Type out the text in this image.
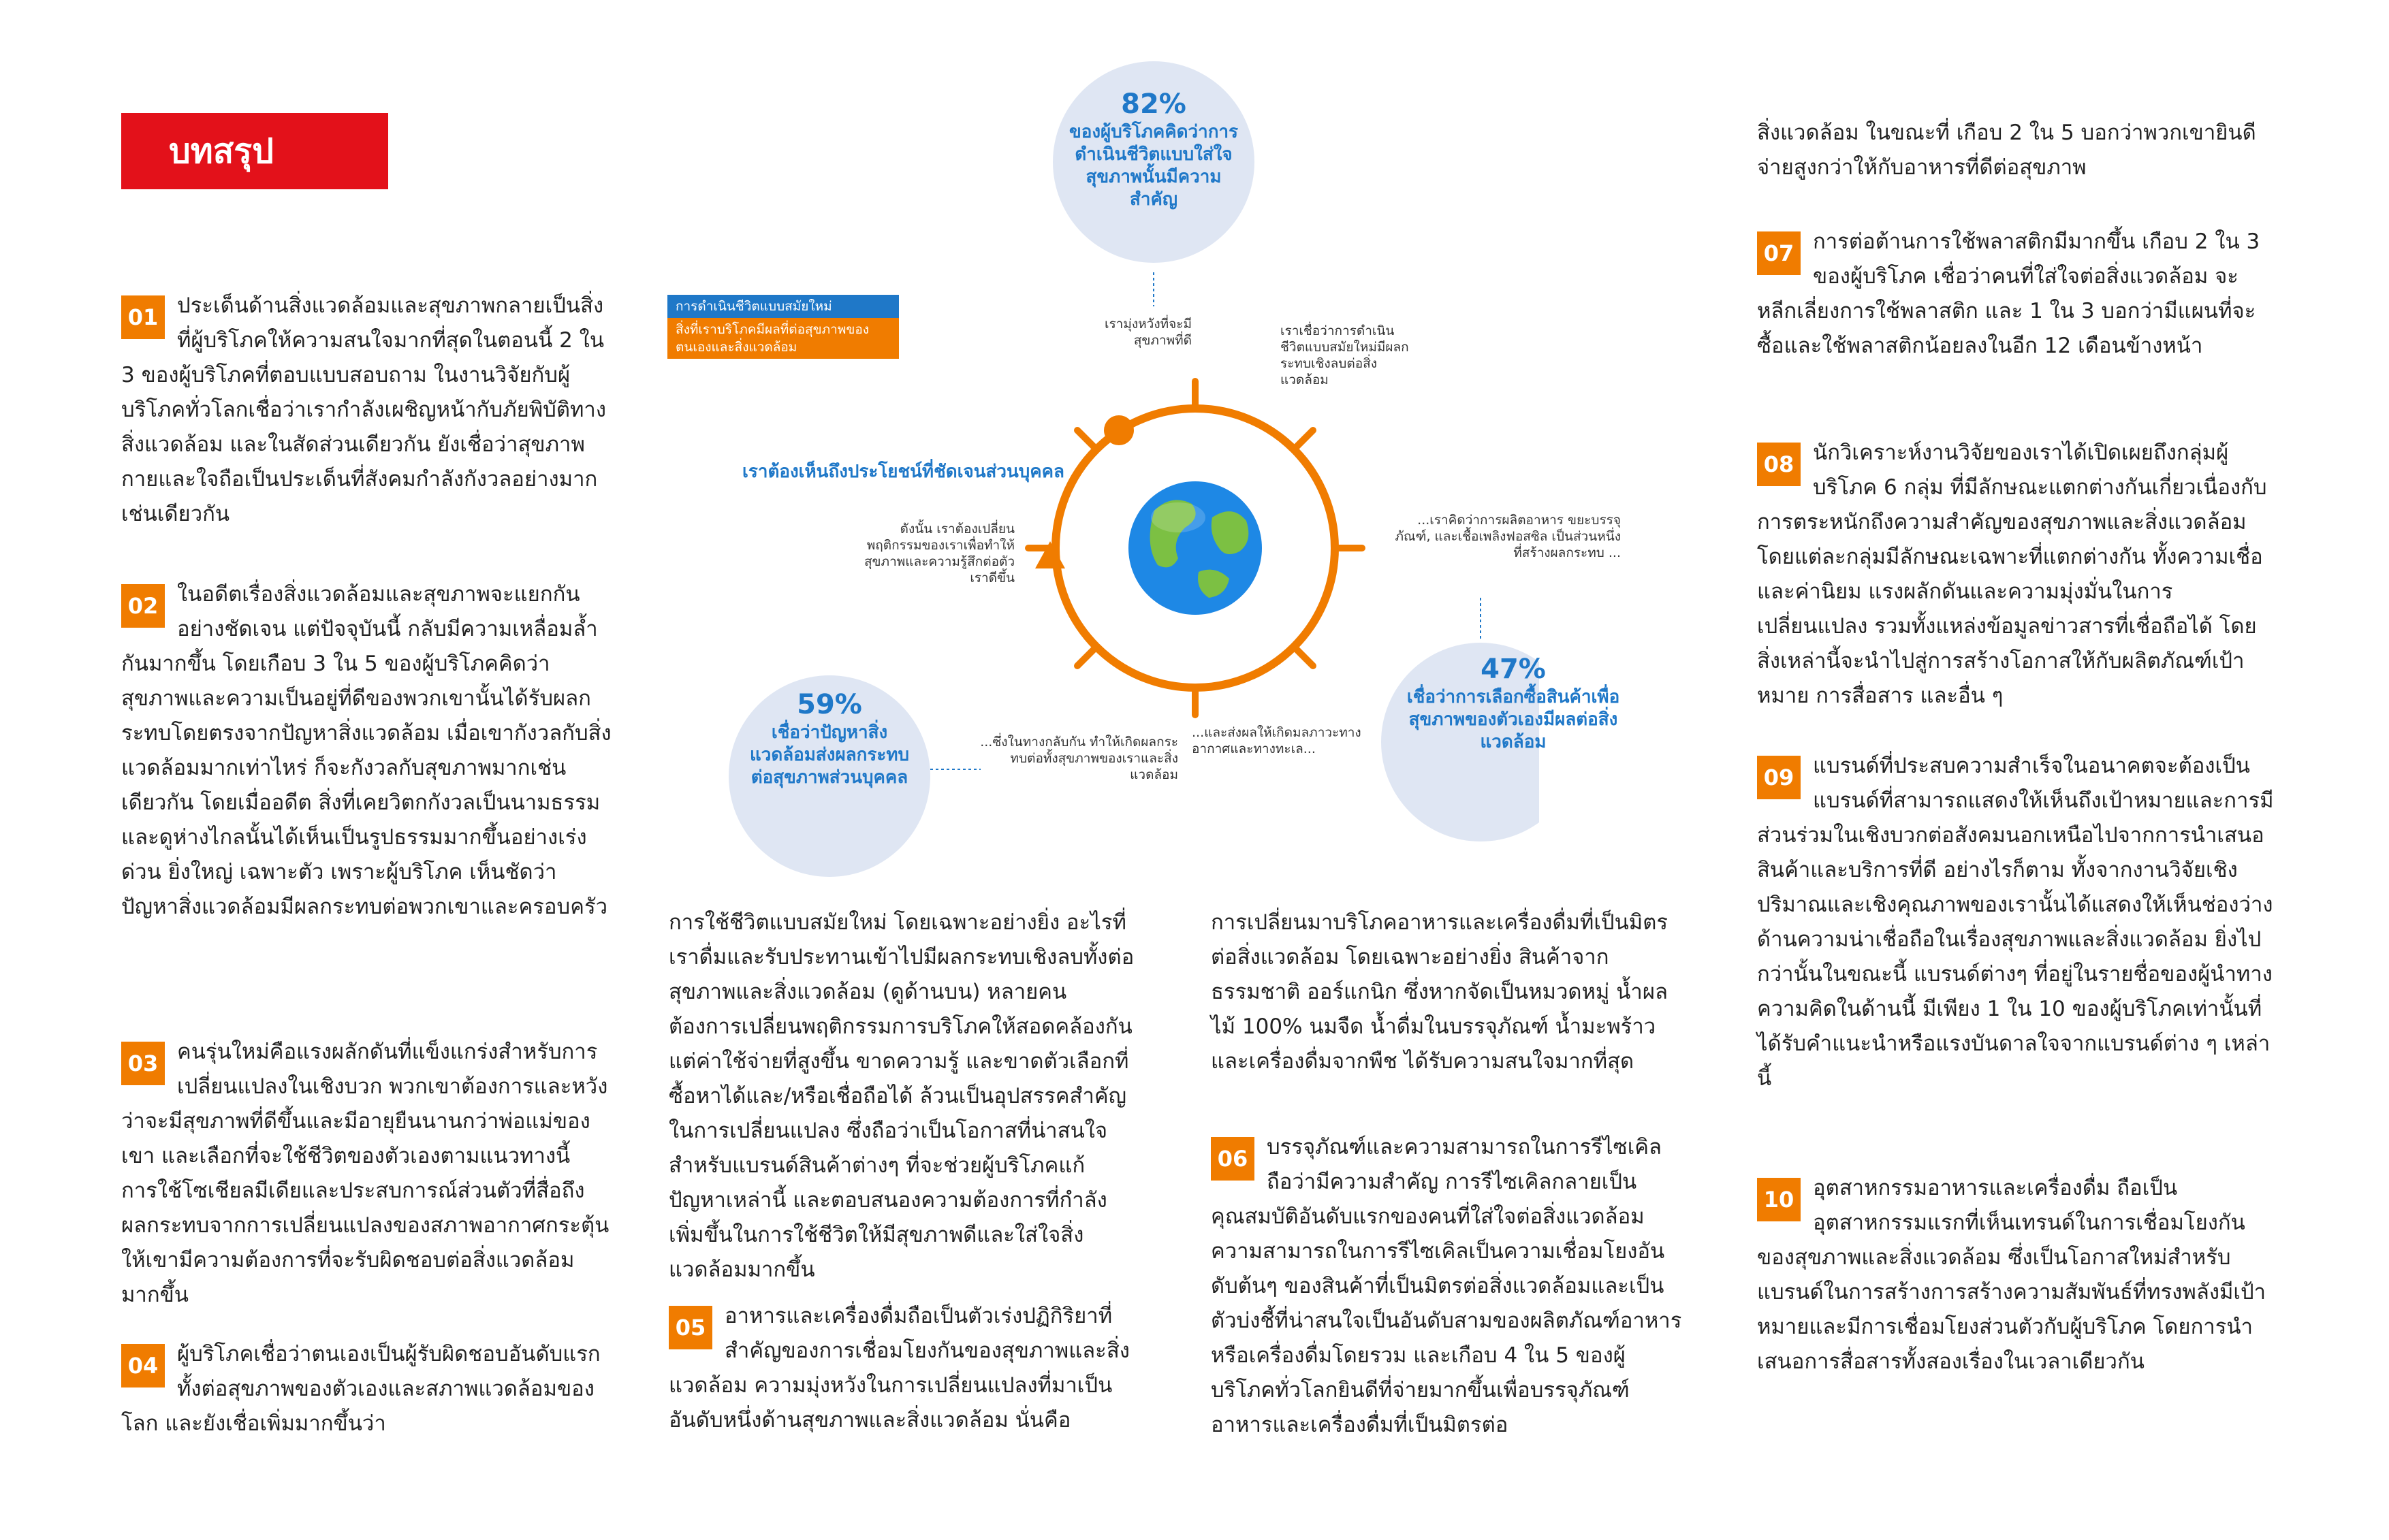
บทสรุป
01 ประเด็นด้านสิ่งแวดล้อมและสุขภาพกลายเป็นสิ่งที่ผู้บริโภคให้ความสนใจมากที่สุดในตอนนี้ 2 ใน 3 ของผู้บริโภคที่ตอบแบบสอบถาม ในงานวิจัยกับผู้บริโภคทั่วโลกเชื่อว่าเรากำลังเผชิญหน้ากับภัยพิบัติทางสิ่งแวดล้อม และในสัดส่วนเดียวกัน ยังเชื่อว่าสุขภาพกายและใจถือเป็นประเด็นที่สังคมกำลังกังวลอย่างมากเช่นเดียวกัน

02 ในอดีตเรื่องสิ่งแวดล้อมและสุขภาพจะแยกกันอย่างชัดเจน แต่ปัจจุบันนี้ กลับมีความเหลื่อมล้ำกันมากขึ้น โดยเกือบ 3 ใน 5 ของผู้บริโภคคิดว่าสุขภาพและความเป็นอยู่ที่ดีของพวกเขานั้นได้รับผลกระทบโดยตรงจากปัญหาสิ่งแวดล้อม เมื่อเขากังวลกับสิ่งแวดล้อมมากเท่าไหร่ ก็จะกังวลกับสุขภาพมากเช่นเดียวกัน โดยเมื่ออดีต สิ่งที่เคยวิตกกังวลเป็นนามธรรมและดูห่างไกลนั้นได้เห็นเป็นรูปธรรมมากขึ้นอย่างเร่งด่วน ยิ่งใหญ่ เฉพาะตัว เพราะผู้บริโภค เห็นชัดว่าปัญหาสิ่งแวดล้อมมีผลกระทบต่อพวกเขาและครอบครัว

03 คนรุ่นใหม่คือแรงผลักดันที่แข็งแกร่งสำหรับการเปลี่ยนแปลงในเชิงบวก พวกเขาต้องการและหวังว่าจะมีสุขภาพที่ดีขึ้นและมีอายุยืนนานกว่าพ่อแม่ของเขา และเลือกที่จะใช้ชีวิตของตัวเองตามแนวทางนี้ การใช้โซเชียลมีเดียและประสบการณ์ส่วนตัวที่สื่อถึงผลกระทบจากการเปลี่ยนแปลงของสภาพอากาศกระตุ้นให้เขามีความต้องการที่จะรับผิดชอบต่อสิ่งแวดล้อมมากขึ้น

04 ผู้บริโภคเชื่อว่าตนเองเป็นผู้รับผิดชอบอันดับแรกทั้งต่อสุขภาพของตัวเองและสภาพแวดล้อมของโลก และยังเชื่อเพิ่มมากขึ้นว่า

การดำเนินชีวิตแบบสมัยใหม่
สิ่งที่เราบริโภคมีผลที่ต่อสุขภาพของตนเองและสิ่งแวดล้อม
เราต้องเห็นถึงประโยชน์ที่ชัดเจนส่วนบุคคล
82%
ของผู้บริโภคคิดว่าการดำเนินชีวิตแบบใส่ใจสุขภาพนั้นมีความสำคัญ
59%
เชื่อว่าปัญหาสิ่งแวดล้อมส่งผลกระทบต่อสุขภาพส่วนบุคคล
47%
เชื่อว่าการเลือกซื้อสินค้าเพื่อสุขภาพของตัวเองมีผลต่อสิ่งแวดล้อม
เรามุ่งหวังที่จะมีสุขภาพที่ดี
เราเชื่อว่าการดำเนินชีวิตแบบสมัยใหม่มีผลกระทบเชิงลบต่อสิ่งแวดล้อม
...เราคิดว่าการผลิตอาหาร ขยะบรรจุภัณฑ์, และเชื้อเพลิงฟอสซิล เป็นส่วนหนึ่งที่สร้างผลกระทบ ...
...และส่งผลให้เกิดมลภาวะทางอากาศและทางทะเล...
...ซึ่งในทางกลับกัน ทำให้เกิดผลกระทบต่อทั้งสุขภาพของเราและสิ่งแวดล้อม
ดังนั้น เราต้องเปลี่ยนพฤติกรรมของเราเพื่อทำให้สุขภาพและความรู้สึกต่อตัวเราดีขึ้น

การใช้ชีวิตแบบสมัยใหม่ โดยเฉพาะอย่างยิ่ง อะไรที่เราดื่มและรับประทานเข้าไปมีผลกระทบเชิงลบทั้งต่อสุขภาพและสิ่งแวดล้อม (ดูด้านบน) หลายคนต้องการเปลี่ยนพฤติกรรมการบริโภคให้สอดคล้องกัน แต่ค่าใช้จ่ายที่สูงขึ้น ขาดความรู้ และขาดตัวเลือกที่ซื้อหาได้และ/หรือเชื่อถือได้ ล้วนเป็นอุปสรรคสำคัญในการเปลี่ยนแปลง ซึ่งถือว่าเป็นโอกาสที่น่าสนใจสำหรับแบรนด์สินค้าต่างๆ ที่จะช่วยผู้บริโภคแก้ปัญหาเหล่านี้ และตอบสนองความต้องการที่กำลังเพิ่มขึ้นในการใช้ชีวิตให้มีสุขภาพดีและใส่ใจสิ่งแวดล้อมมากขึ้น

05 อาหารและเครื่องดื่มถือเป็นตัวเร่งปฏิกิริยาที่สำคัญของการเชื่อมโยงกันของสุขภาพและสิ่งแวดล้อม ความมุ่งหวังในการเปลี่ยนแปลงที่มาเป็นอันดับหนึ่งด้านสุขภาพและสิ่งแวดล้อม นั่นคือ

การเปลี่ยนมาบริโภคอาหารและเครื่องดื่มที่เป็นมิตรต่อสิ่งแวดล้อม โดยเฉพาะอย่างยิ่ง สินค้าจากธรรมชาติ ออร์แกนิก ซึ่งหากจัดเป็นหมวดหมู่ น้ำผลไม้ 100% นมจืด น้ำดื่มในบรรจุภัณฑ์ น้ำมะพร้าว และเครื่องดื่มจากพืช ได้รับความสนใจมากที่สุด

06 บรรจุภัณฑ์และความสามารถในการรีไซเคิลถือว่ามีความสำคัญ การรีไซเคิลกลายเป็นคุณสมบัติอันดับแรกของคนที่ใส่ใจต่อสิ่งแวดล้อม ความสามารถในการรีไซเคิลเป็นความเชื่อมโยงอันดับต้นๆ ของสินค้าที่เป็นมิตรต่อสิ่งแวดล้อมและเป็นตัวบ่งชี้ที่น่าสนใจเป็นอันดับสามของผลิตภัณฑ์อาหารหรือเครื่องดื่มโดยรวม และเกือบ 4 ใน 5 ของผู้บริโภคทั่วโลกยินดีที่จ่ายมากขึ้นเพื่อบรรจุภัณฑ์อาหารและเครื่องดื่มที่เป็นมิตรต่อ

สิ่งแวดล้อม ในขณะที่ เกือบ 2 ใน 5 บอกว่าพวกเขายินดีจ่ายสูงกว่าให้กับอาหารที่ดีต่อสุขภาพ

07 การต่อต้านการใช้พลาสติกมีมากขึ้น เกือบ 2 ใน 3 ของผู้บริโภค เชื่อว่าคนที่ใส่ใจต่อสิ่งแวดล้อม จะหลีกเลี่ยงการใช้พลาสติก และ 1 ใน 3 บอกว่ามีแผนที่จะซื้อและใช้พลาสติกน้อยลงในอีก 12 เดือนข้างหน้า

08 นักวิเคราะห์งานวิจัยของเราได้เปิดเผยถึงกลุ่มผู้บริโภค 6 กลุ่ม ที่มีลักษณะแตกต่างกันเกี่ยวเนื่องกับการตระหนักถึงความสำคัญของสุขภาพและสิ่งแวดล้อม โดยแต่ละกลุ่มมีลักษณะเฉพาะที่แตกต่างกัน ทั้งความเชื่อและค่านิยม แรงผลักดันและความมุ่งมั่นในการเปลี่ยนแปลง รวมทั้งแหล่งข้อมูลข่าวสารที่เชื่อถือได้ โดยสิ่งเหล่านี้จะนำไปสู่การสร้างโอกาสให้กับผลิตภัณฑ์เป้าหมาย การสื่อสาร และอื่น ๆ

09 แบรนด์ที่ประสบความสำเร็จในอนาคตจะต้องเป็นแบรนด์ที่สามารถแสดงให้เห็นถึงเป้าหมายและการมีส่วนร่วมในเชิงบวกต่อสังคมนอกเหนือไปจากการนำเสนอสินค้าและบริการที่ดี อย่างไรก็ตาม ทั้งจากงานวิจัยเชิงปริมาณและเชิงคุณภาพของเรานั้นได้แสดงให้เห็นช่องว่างด้านความน่าเชื่อถือในเรื่องสุขภาพและสิ่งแวดล้อม ยิ่งไปกว่านั้นในขณะนี้ แบรนด์ต่างๆ ที่อยู่ในรายชื่อของผู้นำทางความคิดในด้านนี้ มีเพียง 1 ใน 10 ของผู้บริโภคเท่านั้นที่ได้รับคำแนะนำหรือแรงบันดาลใจจากแบรนด์ต่าง ๆ เหล่านี้

10 อุตสาหกรรมอาหารและเครื่องดื่ม ถือเป็นอุตสาหกรรมแรกที่เห็นเทรนด์ในการเชื่อมโยงกันของสุขภาพและสิ่งแวดล้อม ซึ่งเป็นโอกาสใหม่สำหรับแบรนด์ในการสร้างการสร้างความสัมพันธ์ที่ทรงพลังมีเป้าหมายและมีการเชื่อมโยงส่วนตัวกับผู้บริโภค โดยการนำเสนอการสื่อสารทั้งสองเรื่องในเวลาเดียวกัน
